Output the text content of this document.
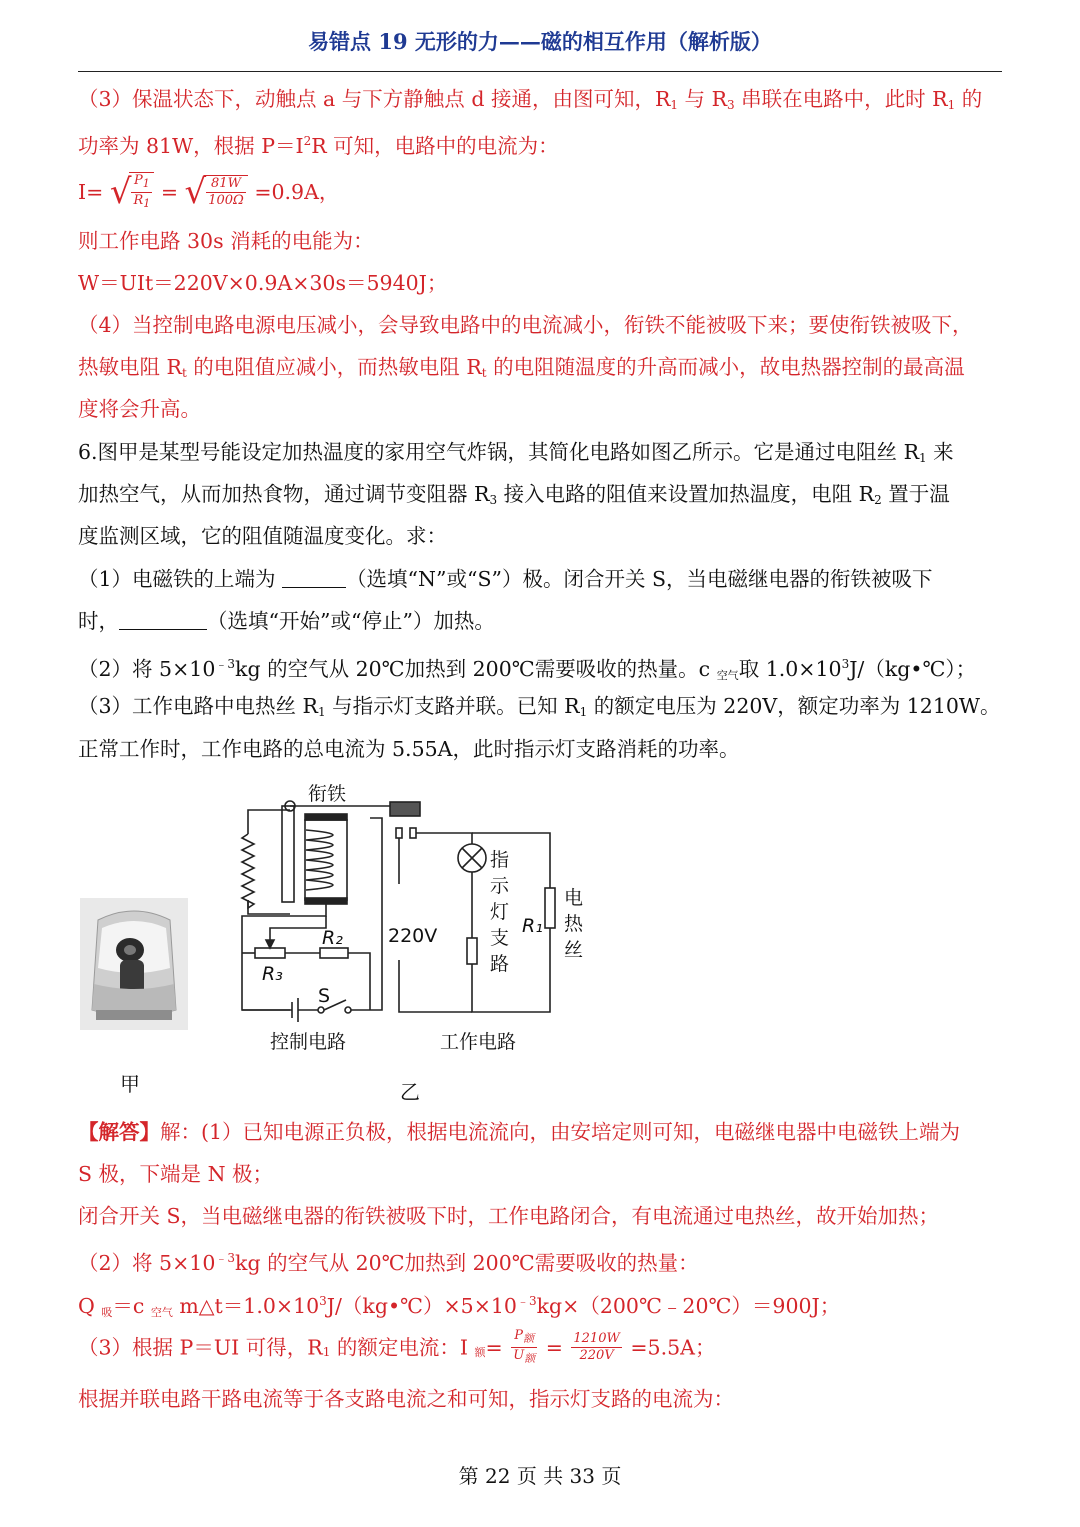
易错点 19 无形的力——磁的相互作用（解析版）
（3）保温状态下，动触点 a 与下方静触点 d 接通，由图可知，$R_1$ 与 $R_3$ 串联在电路中，此时 $R_1$ 的
功率为 81W，根据 $P=I^2R$ 可知，电路中的电流为：
I= √ $\frac{P_1}{R_1}$ = √ $\frac{81W}{100\Omega} =0.9A$，
则工作电路 30s 消耗的电能为：
W＝UIt＝220V×0.9A×30s＝5940J；
（4）当控制电路电源电压减小，会导致电路中的电流减小，衔铁不能被吸下来；要使衔铁被吸下，
热敏电阻 $R_t$ 的电阻值应减小，而热敏电阻 $R_t$ 的电阻随温度的升高而减小，故电热器控制的最高温
度将会升高。
6.图甲是某型号能设定加热温度的家用空气炸锅，其简化电路如图乙所示。它是通过电阻丝 $R_1$ 来
加热空气，从而加热食物，通过调节变阻器 $R_3$ 接入电路的阻值来设置加热温度，电阻 $R_2$ 置于温
度监测区域，它的阻值随温度变化。求：
（1）电磁铁的上端为	（选填“N”或“S”）极。闭合开关 S，当电磁继电器的衔铁被吸下
时，	（选填“开始”或“停止”）加热。
（2）将 $5\times 10^{﹣3}kg$ 的空气从 20℃加热到 200℃需要吸收的热量。c $_{空气}$取 $1.0\times 10^3J/(kg•℃)$；
（3）工作电路中电热丝 $R_1$ 与指示灯支路并联。已知 $R_1$ 的额定电压为 220V，额定功率为 1210W。
正常工作时，工作电路的总电流为 5.55A，此时指示灯支路消耗的功率。
甲
衔铁
220V
R₂
R₃
S
R₁
指
示
灯
支
路
电
热
丝
控制电路	工作电路
乙
【解答】解：(1）已知电源正负极，根据电流流向，由安培定则可知，电磁继电器中电磁铁上端为
S 极，下端是 N 极；
闭合开关 S，当电磁继电器的衔铁被吸下时，工作电路闭合，有电流通过电热丝，故开始加热；
（2）将 $5\times 10^{﹣3}kg$ 的空气从 20℃加热到 200℃需要吸收的热量：
Q $_吸$＝c $_{空气}$ $m\triangle t=1.0\times 10^3J/(kg•℃)\times 5\times 10^{﹣3}kg\times(200℃﹣20℃)=900J$；
（3）根据 P＝UI 可得，$R_1$ 的额定电流：I $_额= \frac{P_额}{U_额} = \frac{1210W}{220V} =5.5A$；
根据并联电路干路电流等于各支路电流之和可知，指示灯支路的电流为：
第 22 页 共 33 页
